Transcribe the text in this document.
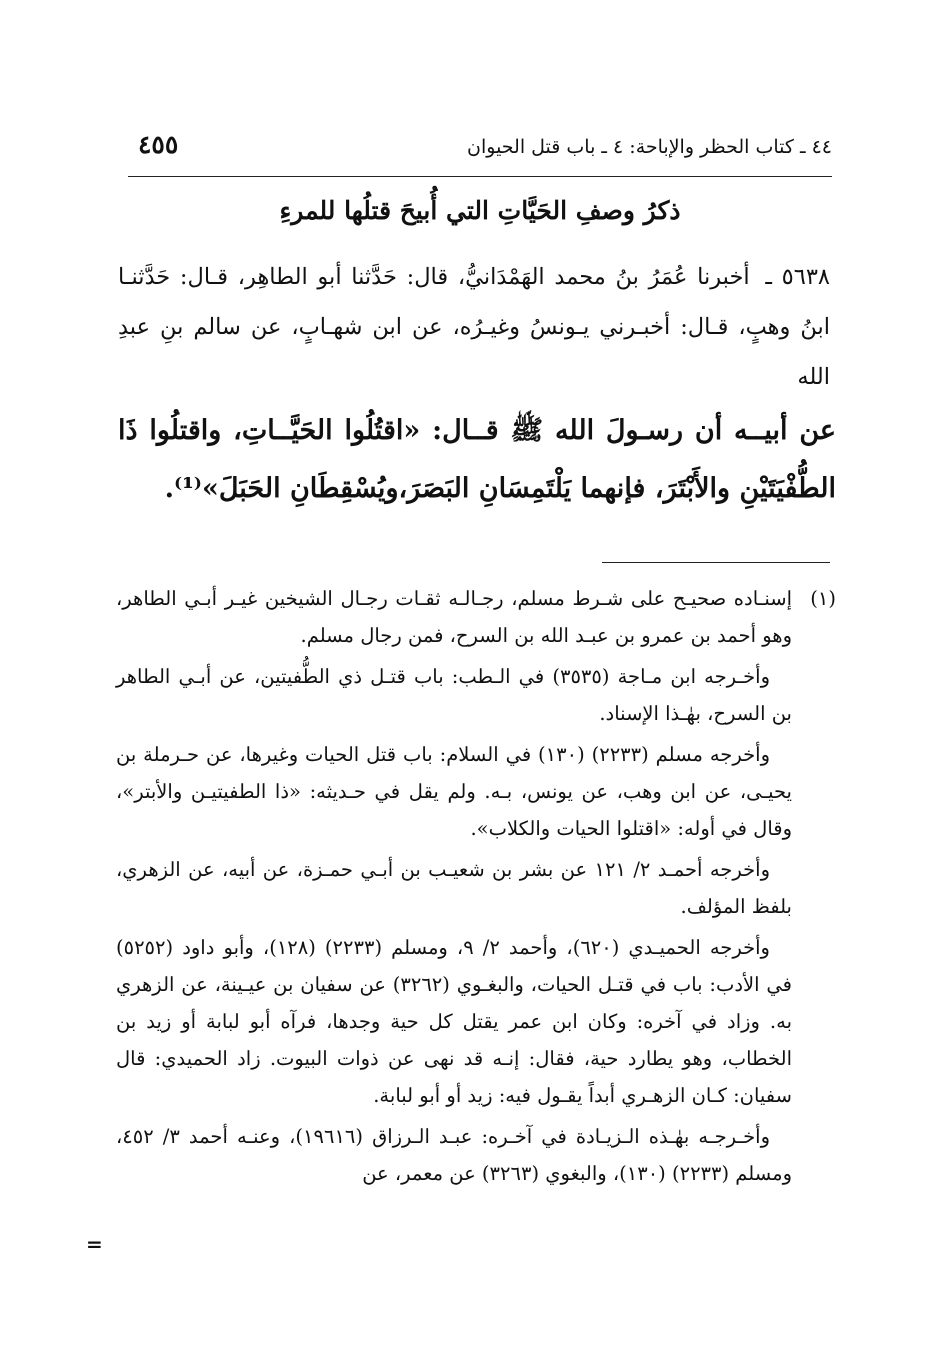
٤٤ ـ كتاب الحظر والإباحة: ٤ ـ باب قتل الحيوان
٤٥٥
ذكرُ وصفِ الحَيَّاتِ التي أُبيحَ قتلُها للمرءِ
٥٦٣٨ ـ أخبرنا عُمَرُ بنُ محمد الهَمْدَانيُّ، قال: حَدَّثنا أبو الطاهِر، قـال: حَدَّثنـا ابنُ وهبٍ، قـال: أخبـرني يـونسُ وغيـرُه، عن ابن شهـابٍ، عن سالم بنِ عبدِ الله
عن أبيــه أن رسـولَ الله ﷺ قــال: «اقتُلُوا الحَيَّــاتِ، واقتلُوا ذَا الطُّفْيَتَيْنِ والأَبْتَرَ، فإنهما يَلْتَمِسَانِ البَصَرَ،ويُسْقِطَانِ الحَبَلَ»⁽¹⁾.
(١)
إسنـاده صحيـح على شـرط مسلم، رجـالـه ثقـات رجـال الشيخين غيـر أبـي الطاهر، وهو أحمد بن عمرو بن عبـد الله بن السرح، فمن رجال مسلم.
وأخـرجه ابن مـاجة (٣٥٣٥) في الـطب: باب قتـل ذي الطُّفيتين، عن أبـي الطاهر بن السرح، بهٰـذا الإسناد.
وأخرجه مسلم (٢٢٣٣) (١٣٠) في السلام: باب قتل الحيات وغيرها، عن حـرملة بن يحيـى، عن ابن وهب، عن يونس، بـه. ولم يقل في حـديثه: «ذا الطفيتيـن والأبتر»، وقال في أوله: «اقتلوا الحيات والكلاب».
وأخرجه أحمـد ٢/ ١٢١ عن بشر بن شعيـب بن أبـي حمـزة، عن أبيه، عن الزهري، بلفظ المؤلف.
وأخرجه الحميـدي (٦٢٠)، وأحمد ٢/ ٩، ومسلم (٢٢٣٣) (١٢٨)، وأبو داود (٥٢٥٢) في الأدب: باب في قتـل الحيات، والبغـوي (٣٢٦٢) عن سفيان بن عيـينة، عن الزهري به. وزاد في آخره: وكان ابن عمر يقتل كل حية وجدها، فرآه أبو لبابة أو زيد بن الخطاب، وهو يطارد حية، فقال: إنـه قد نهى عن ذوات البيوت. زاد الحميدي: قال سفيان: كـان الزهـري أبداً يقـول فيه: زيد أو أبو لبابة.
وأخـرجـه بهٰـذه الـزيـادة في آخـره: عبـد الـرزاق (١٩٦١٦)، وعنـه أحمد ٣/ ٤٥٢، ومسلم (٢٢٣٣) (١٣٠)، والبغوي (٣٢٦٣) عن معمر، عن
=
